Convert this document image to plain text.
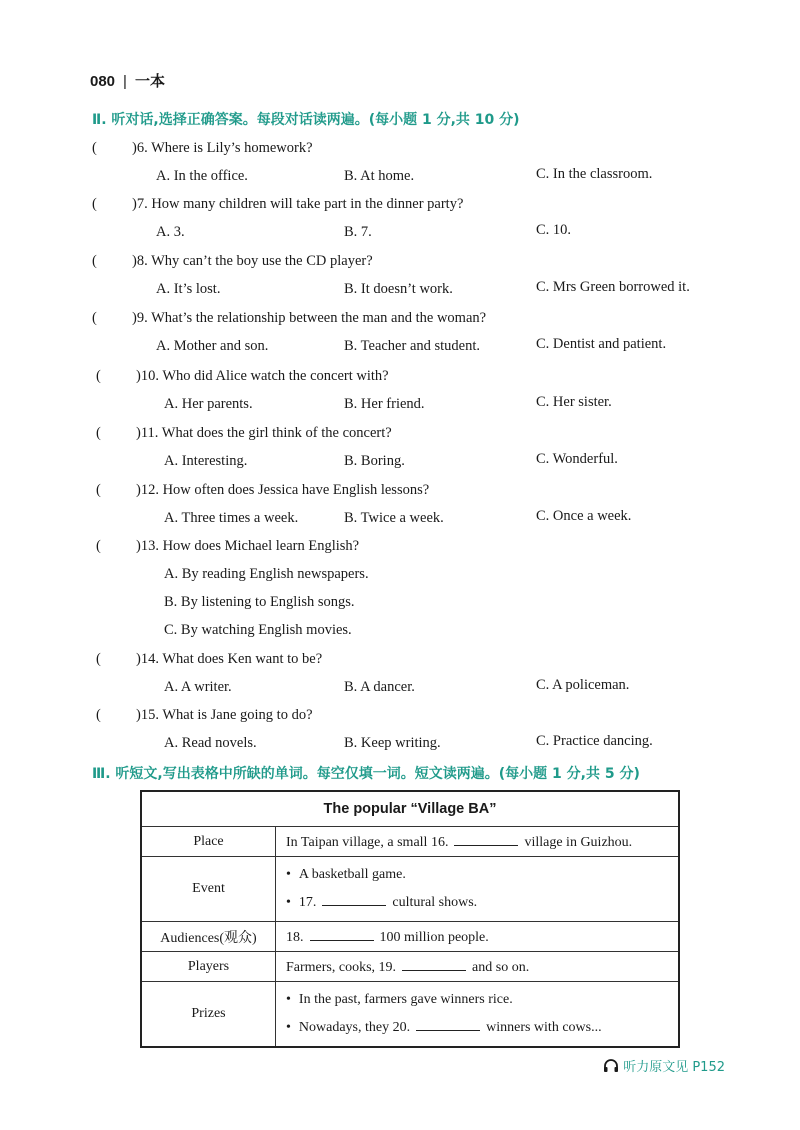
080 | 一本
Ⅱ. 听对话,选择正确答案。每段对话读两遍。(每小题 1 分,共 10 分)
( )6. Where is Lily’s homework?
A. In the office.	B. At home.	C. In the classroom.
( )7. How many children will take part in the dinner party?
A. 3.	B. 7.	C. 10.
( )8. Why can’t the boy use the CD player?
A. It’s lost.	B. It doesn’t work.	C. Mrs Green borrowed it.
( )9. What’s the relationship between the man and the woman?
A. Mother and son.	B. Teacher and student.	C. Dentist and patient.
( )10. Who did Alice watch the concert with?
A. Her parents.	B. Her friend.	C. Her sister.
( )11. What does the girl think of the concert?
A. Interesting.	B. Boring.	C. Wonderful.
( )12. How often does Jessica have English lessons?
A. Three times a week.	B. Twice a week.	C. Once a week.
( )13. How does Michael learn English?
A. By reading English newspapers.
B. By listening to English songs.
C. By watching English movies.
( )14. What does Ken want to be?
A. A writer.	B. A dancer.	C. A policeman.
( )15. What is Jane going to do?
A. Read novels.	B. Keep writing.	C. Practice dancing.
Ⅲ. 听短文,写出表格中所缺的单词。每空仅填一词。短文读两遍。(每小题 1 分,共 5 分)
The popular “Village BA”	
Place	In Taipan village, a small 16. village in Guizhou.
Event	• A basketball game.
• 17. cultural shows.

Audiences(观众)	18. 100 million people.
Players	Farmers, cooks, 19. and so on.
Prizes	• In the past, farmers gave winners rice.
• Nowadays, they 20. winners with cows...
听力原文见 P152
